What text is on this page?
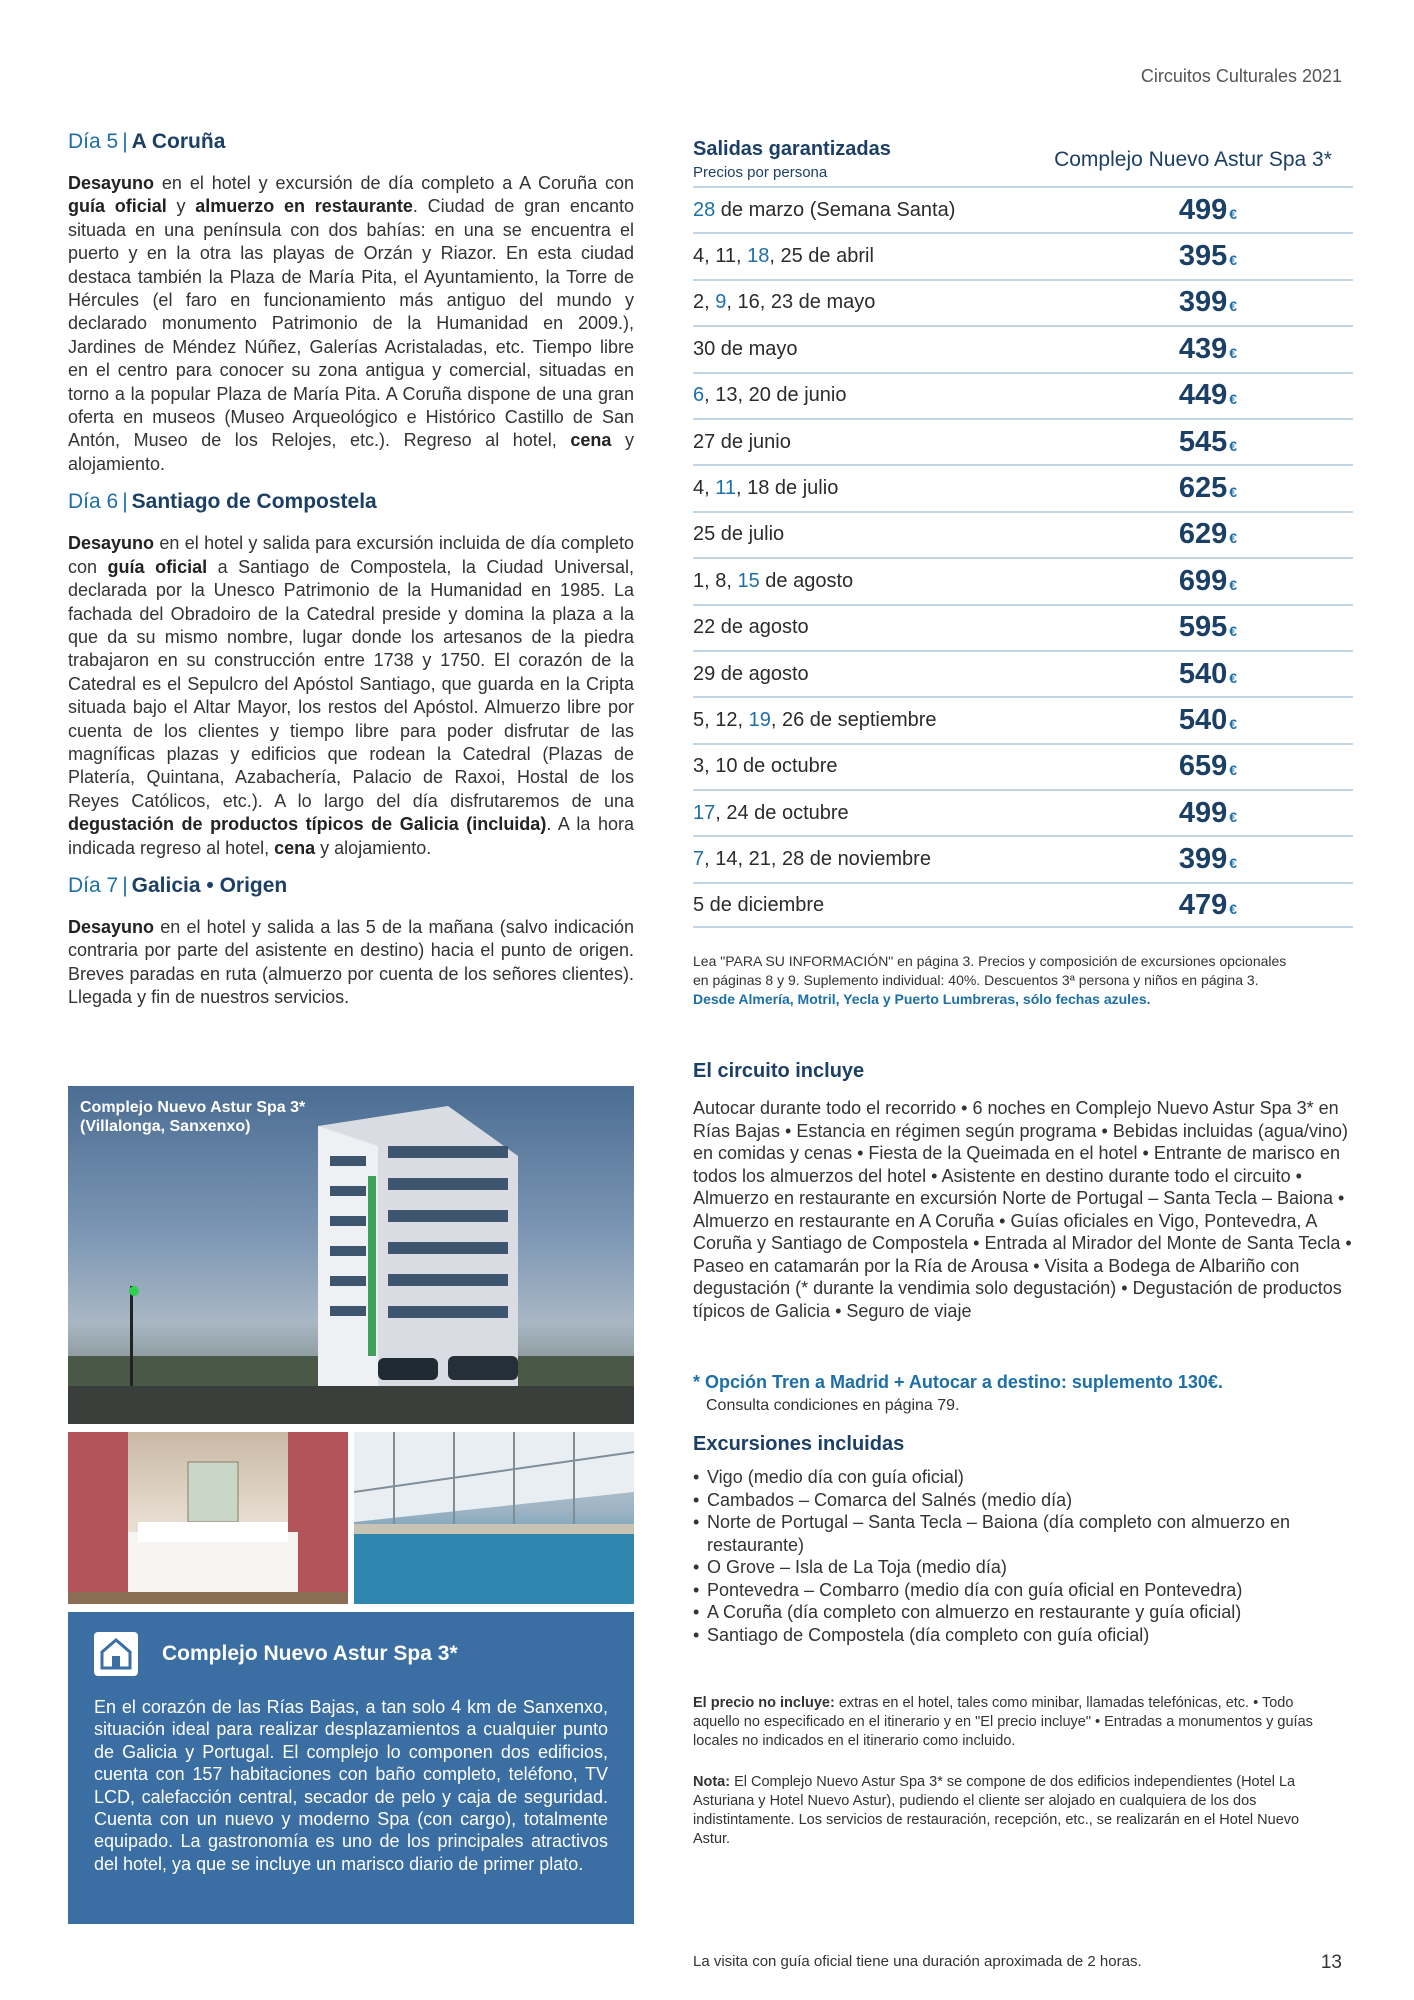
Circuitos Culturales 2021
Día 5 | A Coruña

Desayuno en el hotel y excursión de día completo a A Coruña con guía oficial y almuerzo en restaurante. Ciudad de gran encanto situada en una península con dos bahías: en una se encuentra el puerto y en la otra las playas de Orzán y Riazor. En esta ciudad destaca también la Plaza de María Pita, el Ayuntamiento, la Torre de Hércules (el faro en funcionamiento más antiguo del mundo y declarado monumento Patrimonio de la Humanidad en 2009.), Jardines de Méndez Núñez, Galerías Acristaladas, etc. Tiempo libre en el centro para conocer su zona antigua y comercial, situadas en torno a la popular Plaza de María Pita. A Coruña dispone de una gran oferta en museos (Museo Arqueológico e Histórico Castillo de San Antón, Museo de los Relojes, etc.). Regreso al hotel, cena y alojamiento.

Día 6 | Santiago de Compostela

Desayuno en el hotel y salida para excursión incluida de día completo con guía oficial a Santiago de Compostela, la Ciudad Universal, declarada por la Unesco Patrimonio de la Humanidad en 1985. La fachada del Obradoiro de la Catedral preside y domina la plaza a la que da su mismo nombre, lugar donde los artesanos de la piedra trabajaron en su construcción entre 1738 y 1750. El corazón de la Catedral es el Sepulcro del Apóstol Santiago, que guarda en la Cripta situada bajo el Altar Mayor, los restos del Apóstol. Almuerzo libre por cuenta de los clientes y tiempo libre para poder disfrutar de las magníficas plazas y edificios que rodean la Catedral (Plazas de Platería, Quintana, Azabachería, Palacio de Raxoi, Hostal de los Reyes Católicos, etc.). A lo largo del día disfrutaremos de una degustación de productos típicos de Galicia (incluida). A la hora indicada regreso al hotel, cena y alojamiento.

Día 7 | Galicia • Origen

Desayuno en el hotel y salida a las 5 de la mañana (salvo indicación contraria por parte del asistente en destino) hacia el punto de origen. Breves paradas en ruta (almuerzo por cuenta de los señores clientes). Llegada y fin de nuestros servicios.

Complejo Nuevo Astur Spa 3* (Villalonga, Sanxenxo)
Complejo Nuevo Astur Spa 3*
En el corazón de las Rías Bajas, a tan solo 4 km de Sanxenxo, situación ideal para realizar desplazamientos a cualquier punto de Galicia y Portugal. El complejo lo componen dos edificios, cuenta con 157 habitaciones con baño completo, teléfono, TV LCD, calefacción central, secador de pelo y caja de seguridad. Cuenta con un nuevo y moderno Spa (con cargo), totalmente equipado. La gastronomía es uno de los principales atractivos del hotel, ya que se incluye un marisco diario de primer plato.
Salidas garantizadas
Precios por persona
Complejo Nuevo Astur Spa 3*
28 de marzo (Semana Santa)	499 €
4, 11, 18, 25 de abril	395 €
2, 9, 16, 23 de mayo	399 €
30 de mayo	439 €
6, 13, 20 de junio	449 €
27 de junio	545 €
4, 11, 18 de julio	625 €
25 de julio	629 €
1, 8, 15 de agosto	699 €
22 de agosto	595 €
29 de agosto	540 €
5, 12, 19, 26 de septiembre	540 €
3, 10 de octubre	659 €
17, 24 de octubre	499 €
7, 14, 21, 28 de noviembre	399 €
5 de diciembre	479 €
Lea "PARA SU INFORMACIÓN" en página 3. Precios y composición de excursiones opcionales en páginas 8 y 9. Suplemento individual: 40%. Descuentos 3ª persona y niños en página 3. Desde Almería, Motril, Yecla y Puerto Lumbreras, sólo fechas azules.
El circuito incluye
Autocar durante todo el recorrido • 6 noches en Complejo Nuevo Astur Spa 3* en Rías Bajas • Estancia en régimen según programa • Bebidas incluidas (agua/vino) en comidas y cenas • Fiesta de la Queimada en el hotel • Entrante de marisco en todos los almuerzos del hotel • Asistente en destino durante todo el circuito • Almuerzo en restaurante en excursión Norte de Portugal – Santa Tecla – Baiona • Almuerzo en restaurante en A Coruña • Guías oficiales en Vigo, Pontevedra, A Coruña y Santiago de Compostela • Entrada al Mirador del Monte de Santa Tecla • Paseo en catamarán por la Ría de Arousa • Visita a Bodega de Albariño con degustación (* durante la vendimia solo degustación) • Degustación de productos típicos de Galicia • Seguro de viaje
* Opción Tren a Madrid + Autocar a destino: suplemento 130€.
Consulta condiciones en página 79.
Excursiones incluidas
• Vigo (medio día con guía oficial)
• Cambados – Comarca del Salnés (medio día)
• Norte de Portugal – Santa Tecla – Baiona (día completo con almuerzo en restaurante)
• O Grove – Isla de La Toja (medio día)
• Pontevedra – Combarro (medio día con guía oficial en Pontevedra)
• A Coruña (día completo con almuerzo en restaurante y guía oficial)
• Santiago de Compostela (día completo con guía oficial)
El precio no incluye: extras en el hotel, tales como minibar, llamadas telefónicas, etc. • Todo aquello no especificado en el itinerario y en "El precio incluye" • Entradas a monumentos y guías locales no indicados en el itinerario como incluido.
Nota: El Complejo Nuevo Astur Spa 3* se compone de dos edificios independientes (Hotel La Asturiana y Hotel Nuevo Astur), pudiendo el cliente ser alojado en cualquiera de los dos indistintamente. Los servicios de restauración, recepción, etc., se realizarán en el Hotel Nuevo Astur.
La visita con guía oficial tiene una duración aproximada de 2 horas.	13
